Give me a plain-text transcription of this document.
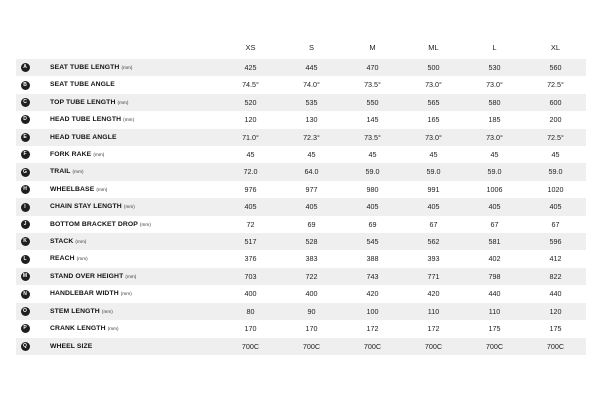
		XS	S	M	ML	L	XL
A	SEAT TUBE LENGTH (mm)	425	445	470	500	530	560
B	SEAT TUBE ANGLE	74.5°	74.0°	73.5°	73.0°	73.0°	72.5°
C	TOP TUBE LENGTH (mm)	520	535	550	565	580	600
D	HEAD TUBE LENGTH (mm)	120	130	145	165	185	200
E	HEAD TUBE ANGLE	71.0°	72.3°	73.5°	73.0°	73.0°	72.5°
F	FORK RAKE (mm)	45	45	45	45	45	45
G	TRAIL (mm)	72.0	64.0	59.0	59.0	59.0	59.0
H	WHEELBASE (mm)	976	977	980	991	1006	1020
I	CHAIN STAY LENGTH (mm)	405	405	405	405	405	405
J	BOTTOM BRACKET DROP (mm)	72	69	69	67	67	67
K	STACK (mm)	517	528	545	562	581	596
L	REACH (mm)	376	383	388	393	402	412
M	STAND OVER HEIGHT (mm)	703	722	743	771	798	822
N	HANDLEBAR WIDTH (mm)	400	400	420	420	440	440
O	STEM LENGTH (mm)	80	90	100	110	110	120
P	CRANK LENGTH (mm)	170	170	172	172	175	175
Q	WHEEL SIZE	700C	700C	700C	700C	700C	700C
